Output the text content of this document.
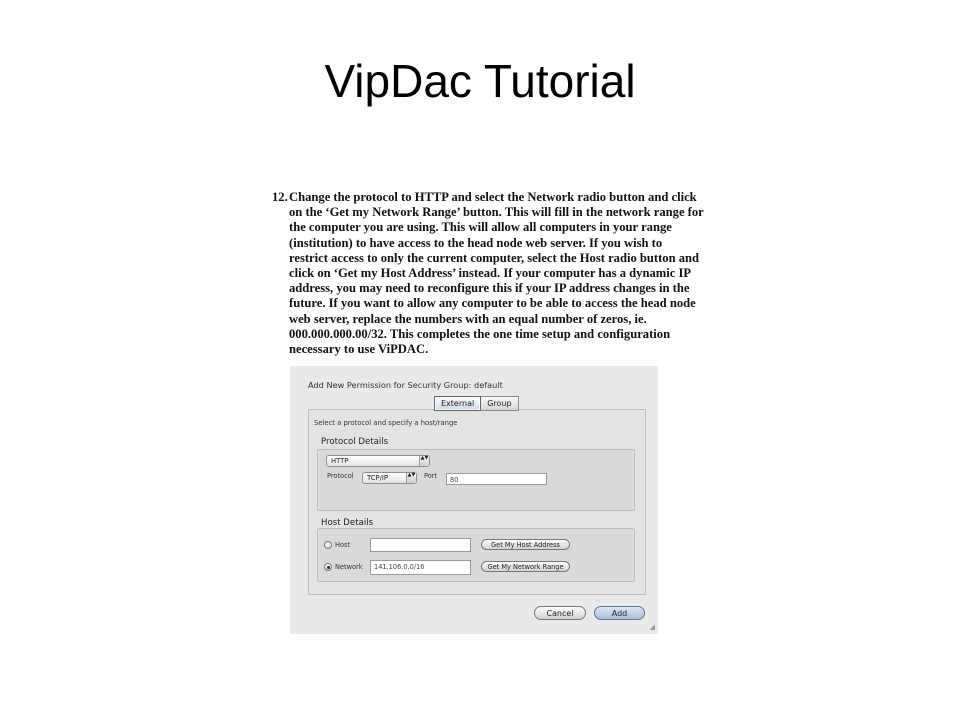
VipDac Tutorial
12. Change the protocol to HTTP and select the Network radio button and click
on the ‘Get my Network Range’ button. This will fill in the network range for
the computer you are using. This will allow all computers in your range
(institution) to have access to the head node web server. If you wish to
restrict access to only the current computer, select the Host radio button and
click on ‘Get my Host Address’ instead. If your computer has a dynamic IP
address, you may need to reconfigure this if your IP address changes in the
future. If you want to allow any computer to be able to access the head node
web server, replace the numbers with an equal number of zeros, ie.
000.000.000.00/32. This completes the one time setup and configuration
necessary to use ViPDAC.
Add New Permission for Security Group: default
External	Group
Select a protocol and specify a host/range
Protocol Details
HTTP	▲▼
Protocol	TCP/IP	▲▼ Port	80
Host Details
Host	Get My Host Address
Network	141.106.0.0/16	Get My Network Range
Cancel	Add
◢
